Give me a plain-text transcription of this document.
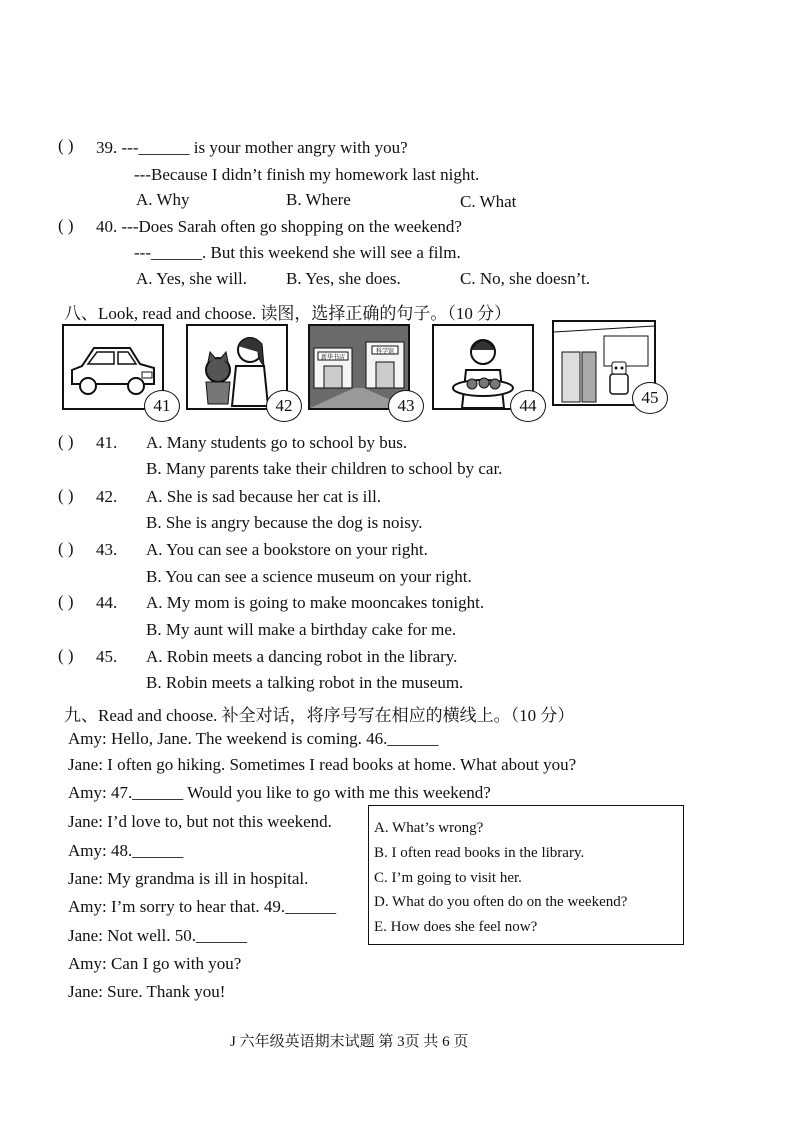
( ) 39. ---______ is your mother angry with you?
---Because I didn’t finish my homework last night.
A. Why	B. Where	C. What
( ) 40. ---Does Sarah often go shopping on the weekend?
---______. But this weekend she will see a film.
A. Yes, she will. B. Yes, she does.	C. No, she doesn’t.
八、Look, read and choose. 读图，选择正确的句子。（10 分）
41	42
新华书店
科学馆
43	44	45
( ) 41. A. Many students go to school by bus.
B. Many parents take their children to school by car.
( ) 42. A. She is sad because her cat is ill.
B. She is angry because the dog is noisy.
( ) 43. A. You can see a bookstore on your right.
B. You can see a science museum on your right.
( ) 44. A. My mom is going to make mooncakes tonight.
B. My aunt will make a birthday cake for me.
( ) 45. A. Robin meets a dancing robot in the library.
B. Robin meets a talking robot in the museum.
九、Read and choose. 补全对话，将序号写在相应的横线上。（10 分）
Amy: Hello, Jane. The weekend is coming. 46.______
Jane: I often go hiking. Sometimes I read books at home. What about you?
Amy: 47.______ Would you like to go with me this weekend?
Jane: I’d love to, but not this weekend.
Amy: 48.______
Jane: My grandma is ill in hospital.
Amy: I’m sorry to hear that. 49.______
Jane: Not well. 50.______
Amy: Can I go with you?
Jane: Sure. Thank you!
A. What’s wrong?
B. I often read books in the library.
C. I’m going to visit her.
D. What do you often do on the weekend?
E. How does she feel now?
J 六年级英语期末试题 第 3页 共 6 页
